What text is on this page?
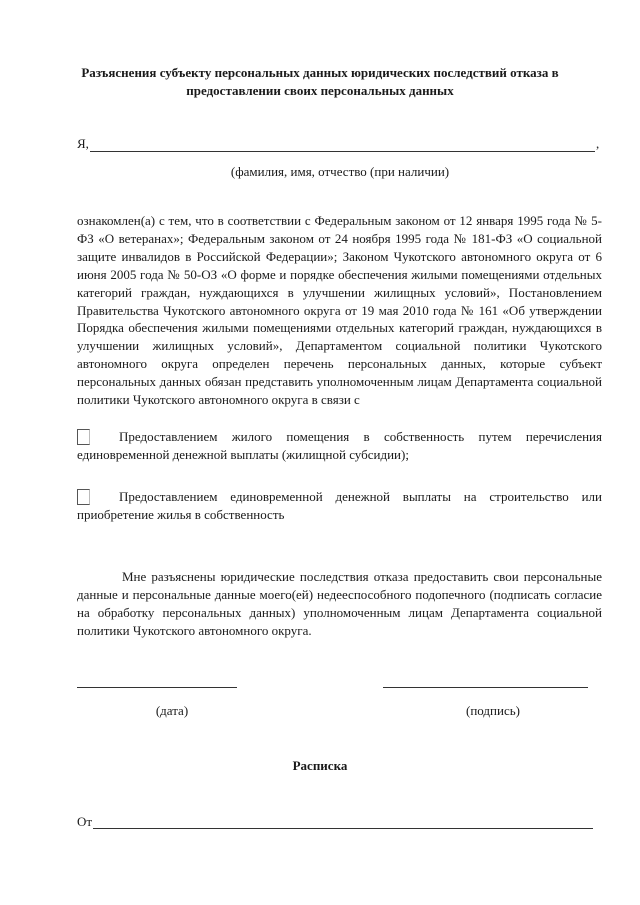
Разъяснения субъекту персональных данных юридических последствий отказа в предоставлении своих персональных данных
Я,	,
(фамилия, имя, отчество (при наличии)
ознакомлен(а) с тем, что в соответствии с Федеральным законом от 12 января 1995 года № 5-ФЗ «О ветеранах»; Федеральным законом от 24 ноября 1995 года № 181-ФЗ «О социальной защите инвалидов в Российской Федерации»; Законом Чукотского автономного округа от 6 июня 2005 года № 50-ОЗ «О форме и порядке обеспечения жилыми помещениями отдельных категорий граждан, нуждающихся в улучшении жилищных условий», Постановлением Правительства Чукотского автономного округа от 19 мая 2010 года № 161 «Об утверждении Порядка обеспечения жилыми помещениями отдельных категорий граждан, нуждающихся в улучшении жилищных условий», Департаментом социальной политики Чукотского автономного округа определен перечень персональных данных, которые субъект персональных данных обязан представить уполномоченным лицам Департамента социальной политики Чукотского автономного округа в связи с
Предоставлением жилого помещения в собственность путем перечисления единовременной денежной выплаты (жилищной субсидии);
Предоставлением единовременной денежной выплаты на строительство или приобретение жилья в собственность
Мне разъяснены юридические последствия отказа предоставить свои персональные данные и персональные данные моего(ей) недееспособного подопечного (подписать согласие на обработку персональных данных) уполномоченным лицам Департамента социальной политики Чукотского автономного округа.
(дата)	(подпись)
Расписка
От
